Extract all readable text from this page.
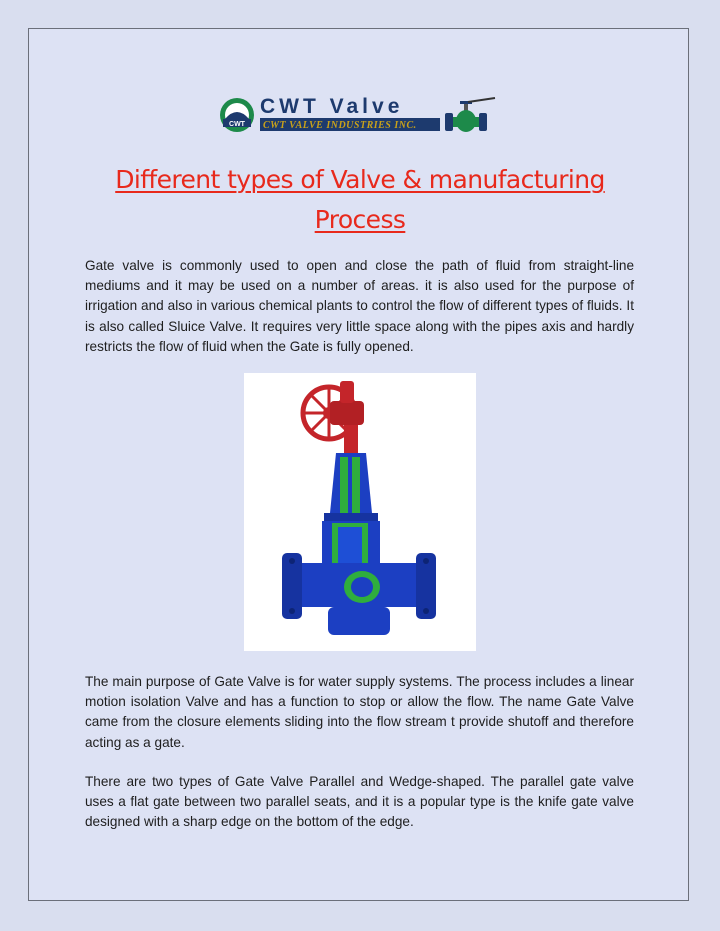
CWT
CWT Valve
CWT VALVE INDUSTRIES INC.
Different types of Valve & manufacturing
Process

Gate valve is commonly used to open and close the path of fluid from straight-line mediums and it may be used on a number of areas. it is also used for the purpose of irrigation and also in various chemical plants to control the flow of different types of fluids. It is also called Sluice Valve. It requires very little space along with the pipes axis and hardly restricts the flow of fluid when the Gate is fully opened.

The main purpose of Gate Valve is for water supply systems. The process includes a linear motion isolation Valve and has a function to stop or allow the flow. The name Gate Valve came from the closure elements sliding into the flow stream t provide shutoff and therefore acting as a gate.

There are two types of Gate Valve Parallel and Wedge-shaped. The parallel gate valve uses a flat gate between two parallel seats, and it is a popular type is the knife gate valve designed with a sharp edge on the bottom of the edge.
